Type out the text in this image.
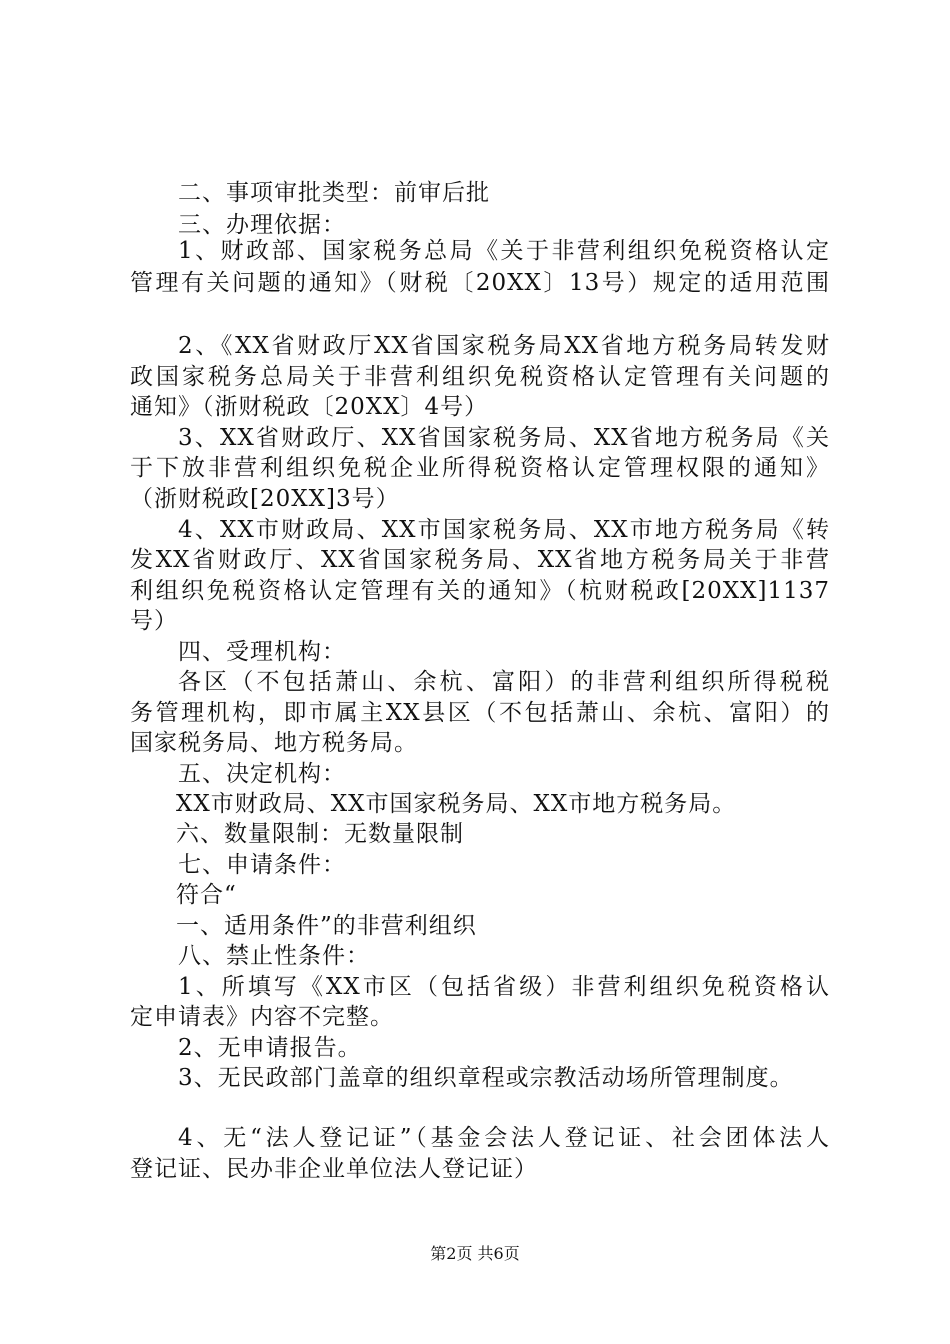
二、事项审批类型：前审后批
三、办理依据：
1、财政部、国家税务总局《关于非营利组织免税资格认定
管理有关问题的通知》（财税〔20XX〕13号）规定的适用范围
2、《XX省财政厅XX省国家税务局XX省地方税务局转发财
政国家税务总局关于非营利组织免税资格认定管理有关问题的
通知》（浙财税政〔20XX〕4号）
3、XX省财政厅、XX省国家税务局、XX省地方税务局《关
于下放非营利组织免税企业所得税资格认定管理权限的通知》
（浙财税政[20XX]3号）
4、XX市财政局、XX市国家税务局、XX市地方税务局《转
发XX省财政厅、XX省国家税务局、XX省地方税务局关于非营
利组织免税资格认定管理有关的通知》（杭财税政[20XX]1137
号）
四、受理机构：
各区（不包括萧山、余杭、富阳）的非营利组织所得税税
务管理机构，即市属主XX县区（不包括萧山、余杭、富阳）的
国家税务局、地方税务局。
五、决定机构：
XX市财政局、XX市国家税务局、XX市地方税务局。
六、数量限制：无数量限制
七、申请条件：
符合“
一、适用条件”的非营利组织
八、禁止性条件：
1、所填写《XX市区（包括省级）非营利组织免税资格认
定申请表》内容不完整。
2、无申请报告。
3、无民政部门盖章的组织章程或宗教活动场所管理制度。
4、无“法人登记证”（基金会法人登记证、社会团体法人
登记证、民办非企业单位法人登记证）
第2页 共6页
